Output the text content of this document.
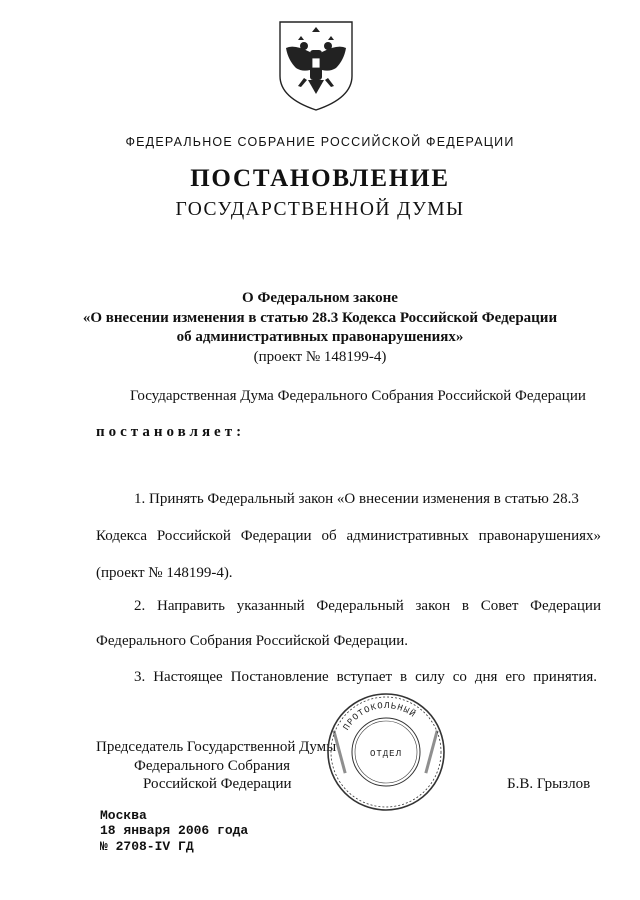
ФЕДЕРАЛЬНОЕ СОБРАНИЕ РОССИЙСКОЙ ФЕДЕРАЦИИ
ПОСТАНОВЛЕНИЕ
ГОСУДАРСТВЕННОЙ ДУМЫ
О Федеральном законе
«О внесении изменения в статью 28.3 Кодекса Российской Федерации
об административных правонарушениях»
(проект № 148199-4)
Государственная Дума Федерального Собрания Российской Федерации
постановляет:
1. Принять Федеральный закон «О внесении изменения в статью 28.3
Кодекса Российской Федерации об административных правонарушениях»
(проект № 148199-4).
2. Направить указанный Федеральный закон в Совет Федерации
Федерального Собрания Российской Федерации.
3. Настоящее Постановление вступает в силу со дня его принятия.
Председатель Государственной Думы
Федерального Собрания
Российской Федерации	Б.В. Грызлов
ПРОТОКОЛЬНЫЙ
ОТДЕЛ
Москва
18 января 2006 года
№ 2708-IV ГД
